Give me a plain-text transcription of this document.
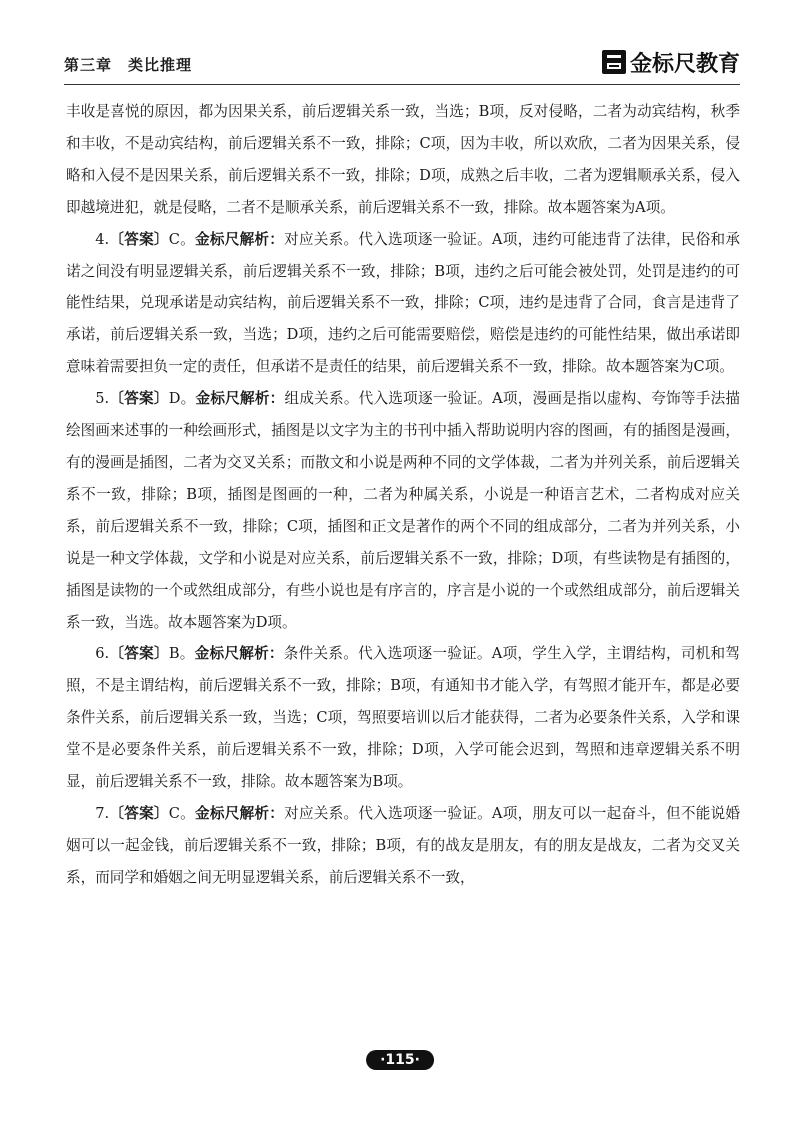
第三章　类比推理	金标尺教育

丰收是喜悦的原因，都为因果关系，前后逻辑关系一致，当选；B项，反对侵略，二者为动宾结构，秋季和丰收，不是动宾结构，前后逻辑关系不一致，排除；C项，因为丰收，所以欢欣，二者为因果关系，侵略和入侵不是因果关系，前后逻辑关系不一致，排除；D项，成熟之后丰收，二者为逻辑顺承关系，侵入即越境进犯，就是侵略，二者不是顺承关系，前后逻辑关系不一致，排除。故本题答案为A项。

4.〔答案〕C。金标尺解析：对应关系。代入选项逐一验证。A项，违约可能违背了法律，民俗和承诺之间没有明显逻辑关系，前后逻辑关系不一致，排除；B项，违约之后可能会被处罚，处罚是违约的可能性结果，兑现承诺是动宾结构，前后逻辑关系不一致，排除；C项，违约是违背了合同，食言是违背了承诺，前后逻辑关系一致，当选；D项，违约之后可能需要赔偿，赔偿是违约的可能性结果，做出承诺即意味着需要担负一定的责任，但承诺不是责任的结果，前后逻辑关系不一致，排除。故本题答案为C项。

5.〔答案〕D。金标尺解析：组成关系。代入选项逐一验证。A项，漫画是指以虚构、夸饰等手法描绘图画来述事的一种绘画形式，插图是以文字为主的书刊中插入帮助说明内容的图画，有的插图是漫画，有的漫画是插图，二者为交叉关系；而散文和小说是两种不同的文学体裁，二者为并列关系，前后逻辑关系不一致，排除；B项，插图是图画的一种，二者为种属关系，小说是一种语言艺术，二者构成对应关系，前后逻辑关系不一致，排除；C项，插图和正文是著作的两个不同的组成部分，二者为并列关系，小说是一种文学体裁，文学和小说是对应关系，前后逻辑关系不一致，排除；D项，有些读物是有插图的，插图是读物的一个或然组成部分，有些小说也是有序言的，序言是小说的一个或然组成部分，前后逻辑关系一致，当选。故本题答案为D项。

6.〔答案〕B。金标尺解析：条件关系。代入选项逐一验证。A项，学生入学，主谓结构，司机和驾照，不是主谓结构，前后逻辑关系不一致，排除；B项，有通知书才能入学，有驾照才能开车，都是必要条件关系，前后逻辑关系一致，当选；C项，驾照要培训以后才能获得，二者为必要条件关系，入学和课堂不是必要条件关系，前后逻辑关系不一致，排除；D项，入学可能会迟到，驾照和违章逻辑关系不明显，前后逻辑关系不一致，排除。故本题答案为B项。

7.〔答案〕C。金标尺解析：对应关系。代入选项逐一验证。A项，朋友可以一起奋斗，但不能说婚姻可以一起金钱，前后逻辑关系不一致，排除；B项，有的战友是朋友，有的朋友是战友，二者为交叉关系，而同学和婚姻之间无明显逻辑关系，前后逻辑关系不一致，

·115·
